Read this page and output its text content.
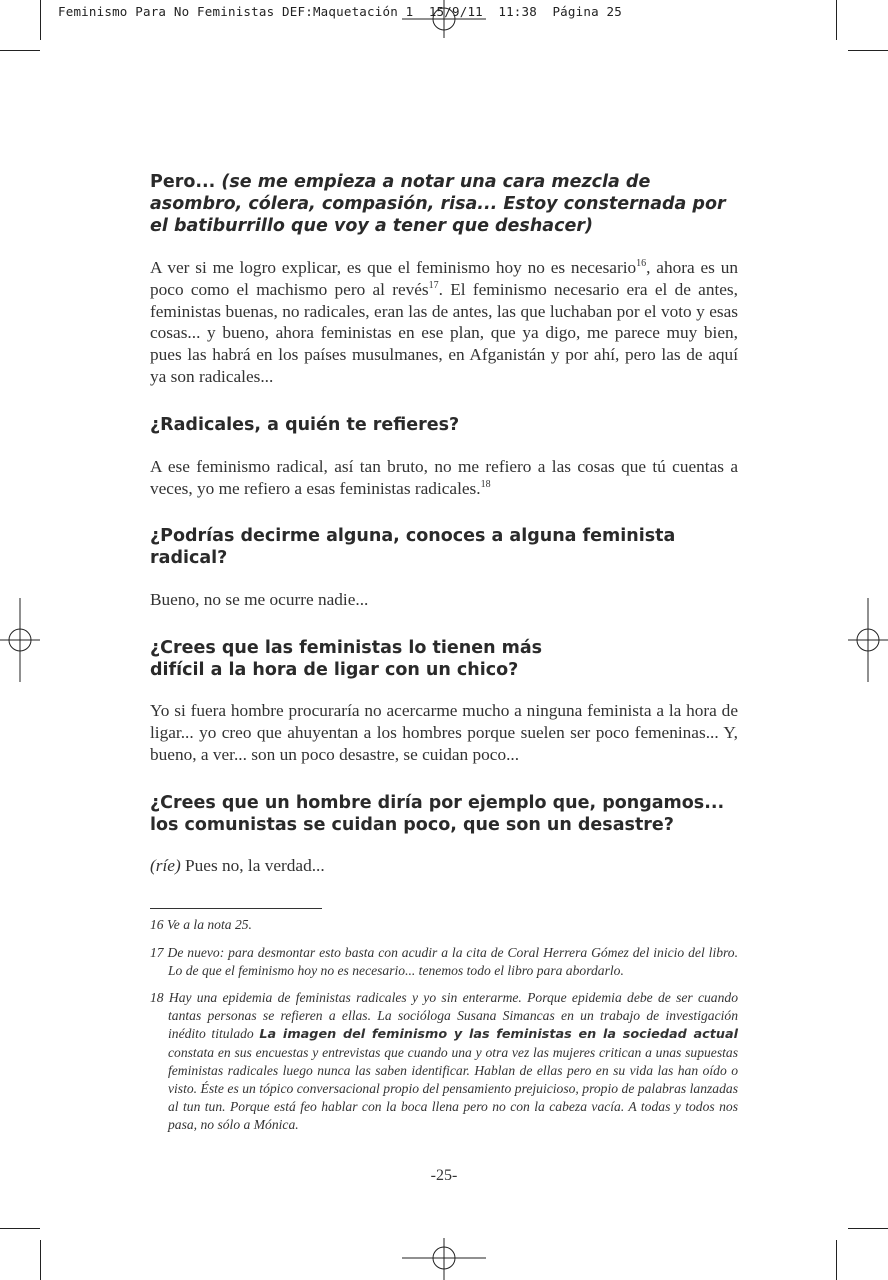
Feminismo Para No Feministas DEF:Maquetación 1  15/9/11  11:38  Página 25

Pero... (se me empieza a notar una cara mezcla de asombro, cólera, compasión, risa... Estoy consternada por el batiburrillo que voy a tener que deshacer)

A ver si me logro explicar, es que el feminismo hoy no es necesario$^{16}$, ahora es un poco como el machismo pero al revés$^{17}$. El feminismo necesario era el de antes, feministas buenas, no radicales, eran las de antes, las que luchaban por el voto y esas cosas... y bueno, ahora feministas en ese plan, que ya digo, me parece muy bien, pues las habrá en los países musulmanes, en Afganistán y por ahí, pero las de aquí ya son radicales...

¿Radicales, a quién te refieres?

A ese feminismo radical, así tan bruto, no me refiero a las cosas que tú cuentas a veces, yo me refiero a esas feministas radicales.$^{18}$

¿Podrías decirme alguna, conoces a alguna feminista radical?

Bueno, no se me ocurre nadie...

¿Crees que las feministas lo tienen más
difícil a la hora de ligar con un chico?

Yo si fuera hombre procuraría no acercarme mucho a ninguna feminista a la hora de ligar... yo creo que ahuyentan a los hombres porque suelen ser poco femeninas... Y, bueno, a ver... son un poco desastre, se cuidan poco...

¿Crees que un hombre diría por ejemplo que, pongamos...
los comunistas se cuidan poco, que son un desastre?

(ríe) Pues no, la verdad...

16 Ve a la nota 25.
17 De nuevo: para desmontar esto basta con acudir a la cita de Coral Herrera Gómez del inicio del libro. Lo de que el feminismo hoy no es necesario... tenemos todo el libro para abordarlo.
18 Hay una epidemia de feministas radicales y yo sin enterarme. Porque epidemia debe de ser cuando tantas personas se refieren a ellas. La socióloga Susana Simancas en un trabajo de investigación inédito titulado La imagen del feminismo y las feministas en la sociedad actual constata en sus encuestas y entrevistas que cuando una y otra vez las mujeres critican a unas supuestas feministas radicales luego nunca las saben identificar. Hablan de ellas pero en su vida las han oído o visto. Éste es un tópico conversacional propio del pensamiento prejuicioso, propio de palabras lanzadas al tun tun. Porque está feo hablar con la boca llena pero no con la cabeza vacía. A todas y todos nos pasa, no sólo a Mónica.
-25-
